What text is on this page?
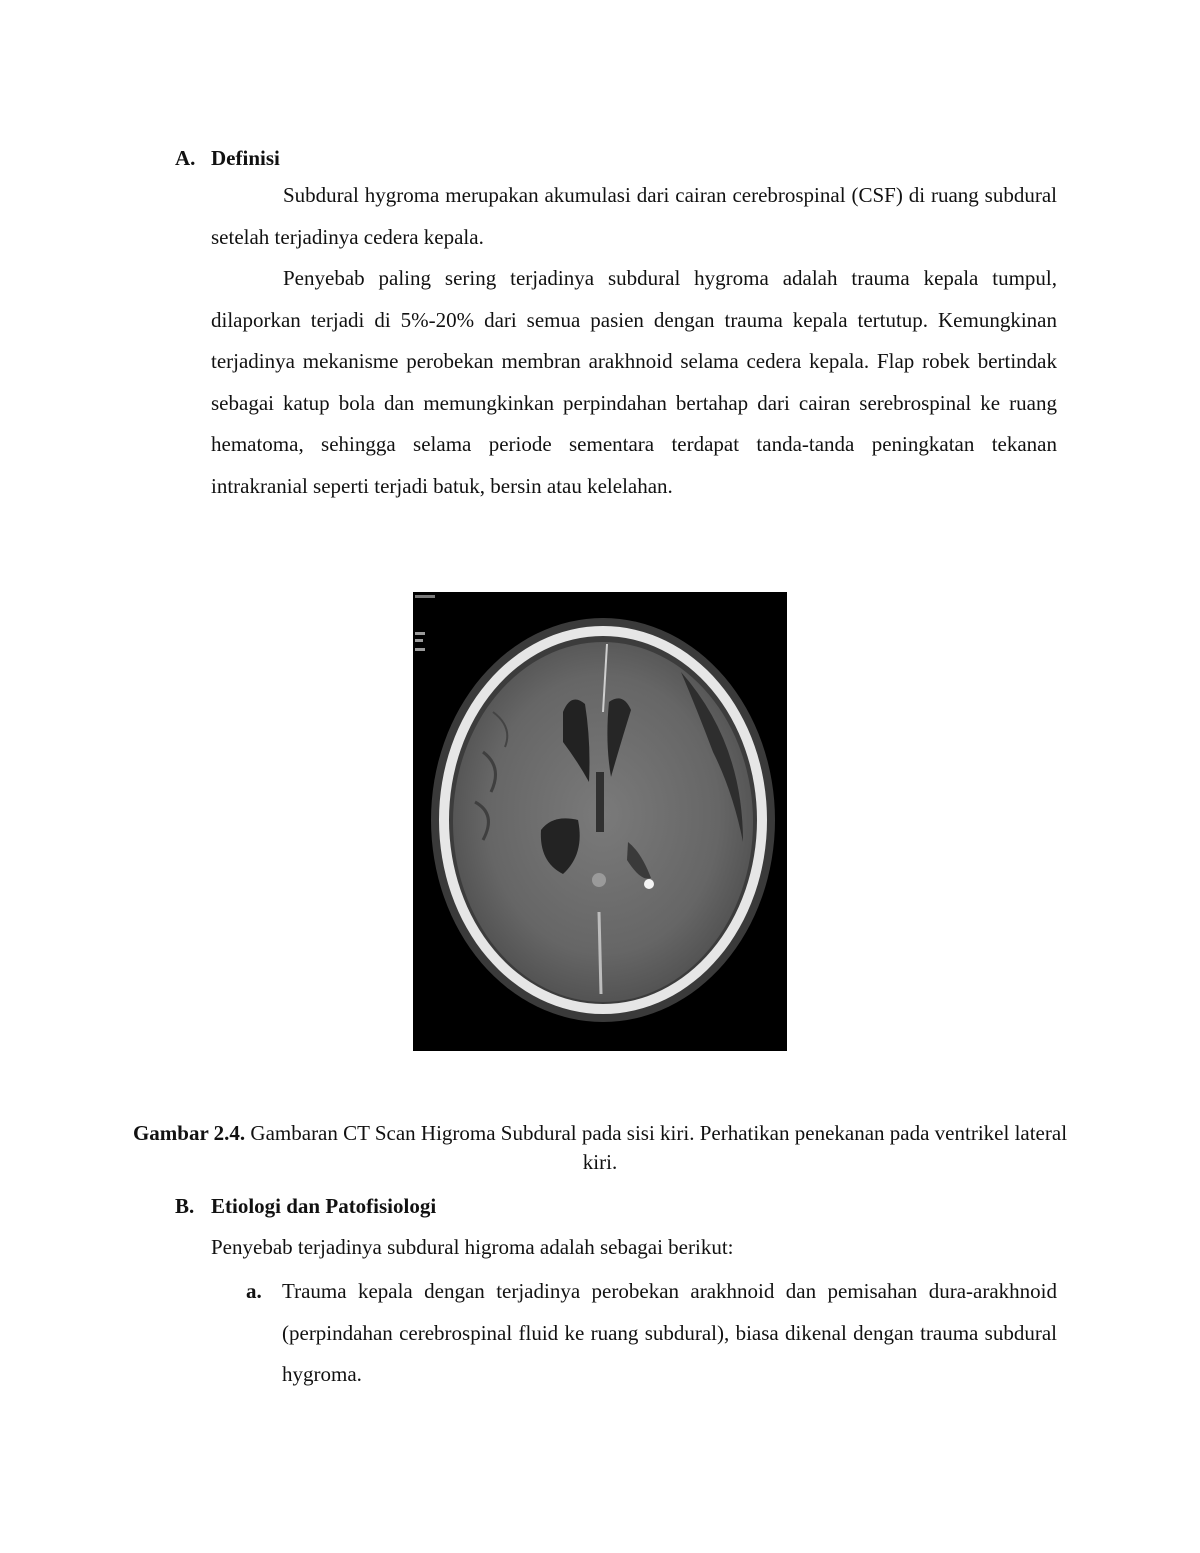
A. Definisi

Subdural hygroma merupakan akumulasi dari cairan cerebrospinal (CSF) di ruang subdural setelah terjadinya cedera kepala.

Penyebab paling sering terjadinya subdural hygroma adalah trauma kepala tumpul, dilaporkan terjadi di 5%-20% dari semua pasien dengan trauma kepala tertutup. Kemungkinan terjadinya mekanisme perobekan membran arakhnoid selama cedera kepala. Flap robek bertindak sebagai katup bola dan memungkinkan perpindahan bertahap dari cairan serebrospinal ke ruang hematoma, sehingga selama periode sementara terdapat tanda-tanda peningkatan tekanan intrakranial seperti terjadi batuk, bersin atau kelelahan.

Gambar 2.4. Gambaran CT Scan Higroma Subdural pada sisi kiri. Perhatikan penekanan pada ventrikel lateral kiri.
B. Etiologi dan Patofisiologi

Penyebab terjadinya subdural higroma adalah sebagai berikut:

a. Trauma kepala dengan terjadinya perobekan arakhnoid dan pemisahan dura-arakhnoid (perpindahan cerebrospinal fluid ke ruang subdural), biasa dikenal dengan trauma subdural hygroma.
